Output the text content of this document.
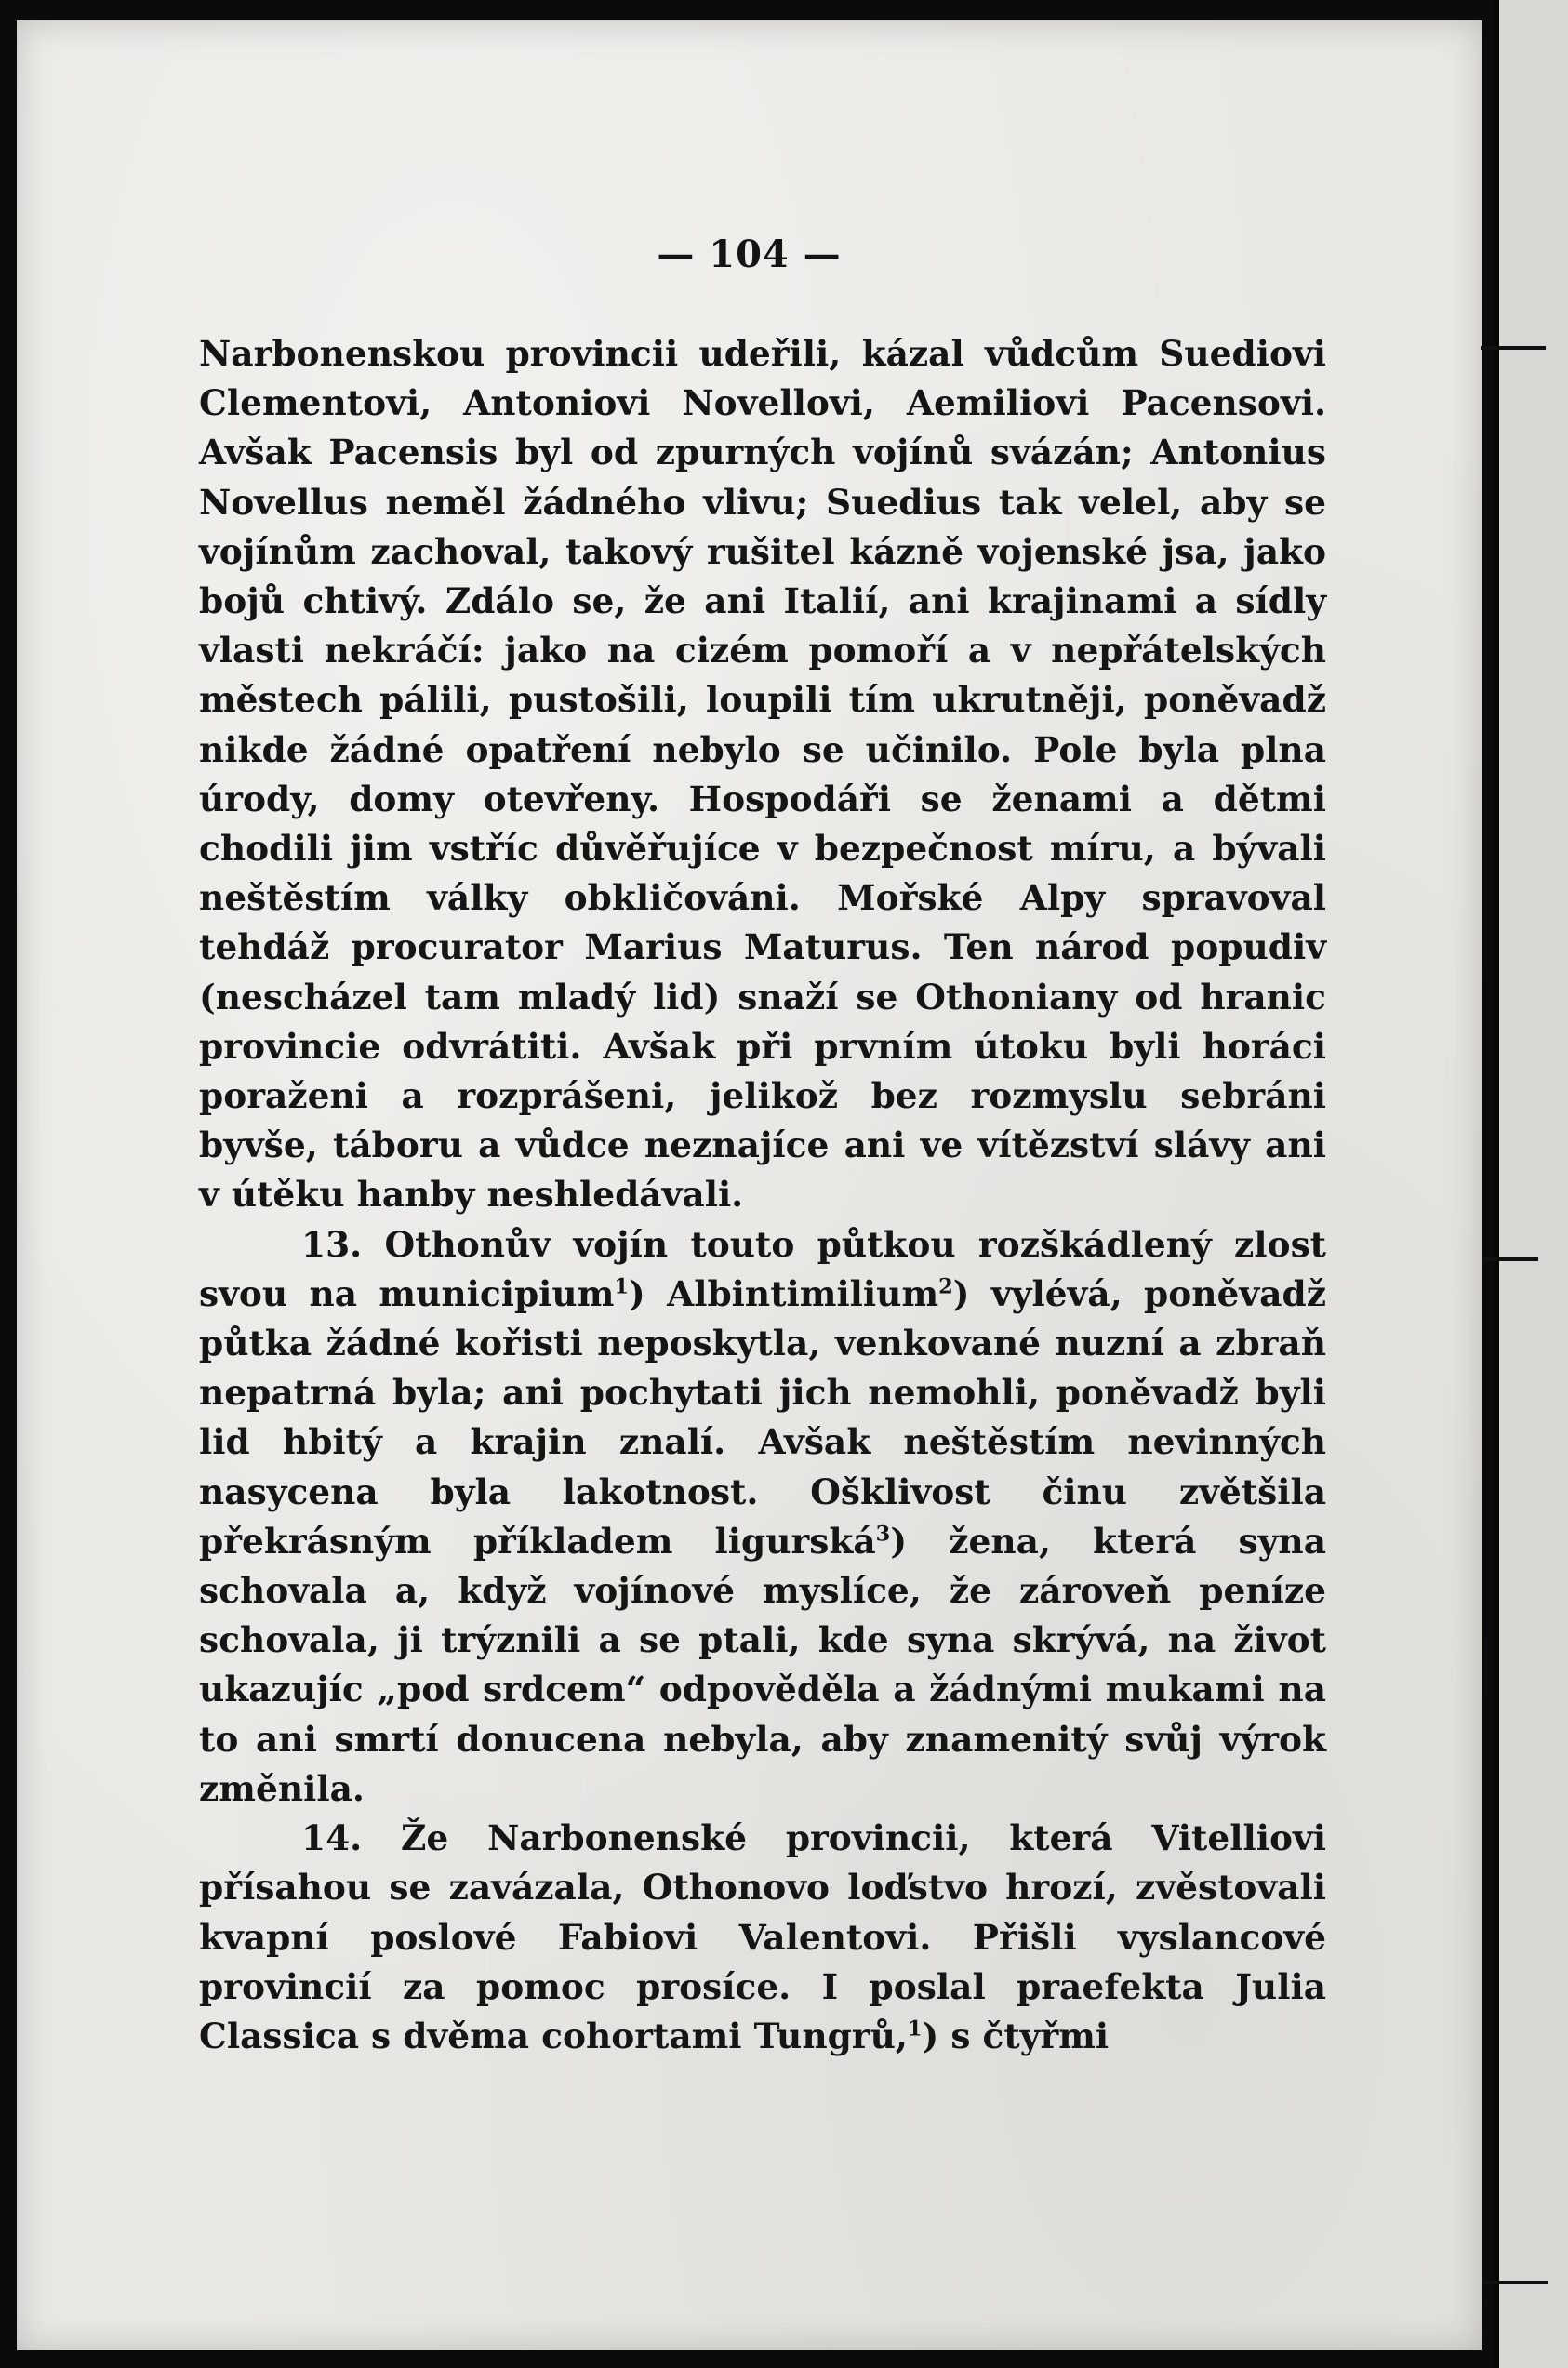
— 104 —

Narbonenskou provincii udeřili, kázal vůdcům Suediovi Clementovi, Antoniovi Novellovi, Aemiliovi Pacensovi. Avšak Pacensis byl od zpurných vojínů svázán; Antonius Novellus neměl žádného vlivu; Suedius tak velel, aby se vojínům zachoval, takový rušitel kázně vojenské jsa, jako bojů chtivý. Zdálo se, že ani Italií, ani krajinami a sídly vlasti nekráčí: jako na cizém pomoří a v nepřátelských městech pálili, pustošili, loupili tím ukrutněji, poněvadž nikde žádné opatření nebylo se učinilo. Pole byla plna úrody, domy otevřeny. Hospodáři se ženami a dětmi chodili jim vstříc důvěřujíce v bezpečnost míru, a bývali neštěstím války obkličováni. Mořské Alpy spravoval tehdáž procurator Marius Maturus. Ten národ popudiv (nescházel tam mladý lid) snaží se Othoniany od hranic provincie odvrátiti. Avšak při prvním útoku byli horáci poraženi a rozprášeni, jelikož bez rozmyslu sebráni byvše, táboru a vůdce neznajíce ani ve vítězství slávy ani v útěku hanby neshledávali.

13. Othonův vojín touto půtkou rozškádlený zlost svou na municipium$^1$) Albintimilium$^2$) vylévá, poněvadž půtka žádné kořisti neposkytla, venkované nuzní a zbraň nepatrná byla; ani pochytati jich nemohli, poněvadž byli lid hbitý a krajin znalí. Avšak neštěstím nevinných nasycena byla lakotnost. Ošklivost činu zvětšila překrásným příkladem ligurská$^3$) žena, která syna schovala a, když vojínové myslíce, že zároveň peníze schovala, ji trýznili a se ptali, kde syna skrývá, na život ukazujíc „pod srdcem“ odpověděla a žádnými mukami na to ani smrtí donucena nebyla, aby znamenitý svůj výrok změnila.

14. Že Narbonenské provincii, která Vitelliovi přísahou se zavázala, Othonovo loďstvo hrozí, zvěstovali kvapní poslové Fabiovi Valentovi. Přišli vyslancové provincií za pomoc prosíce. I poslal praefekta Julia Classica s dvěma cohortami Tungrů,$^1$) s čtyřmi
